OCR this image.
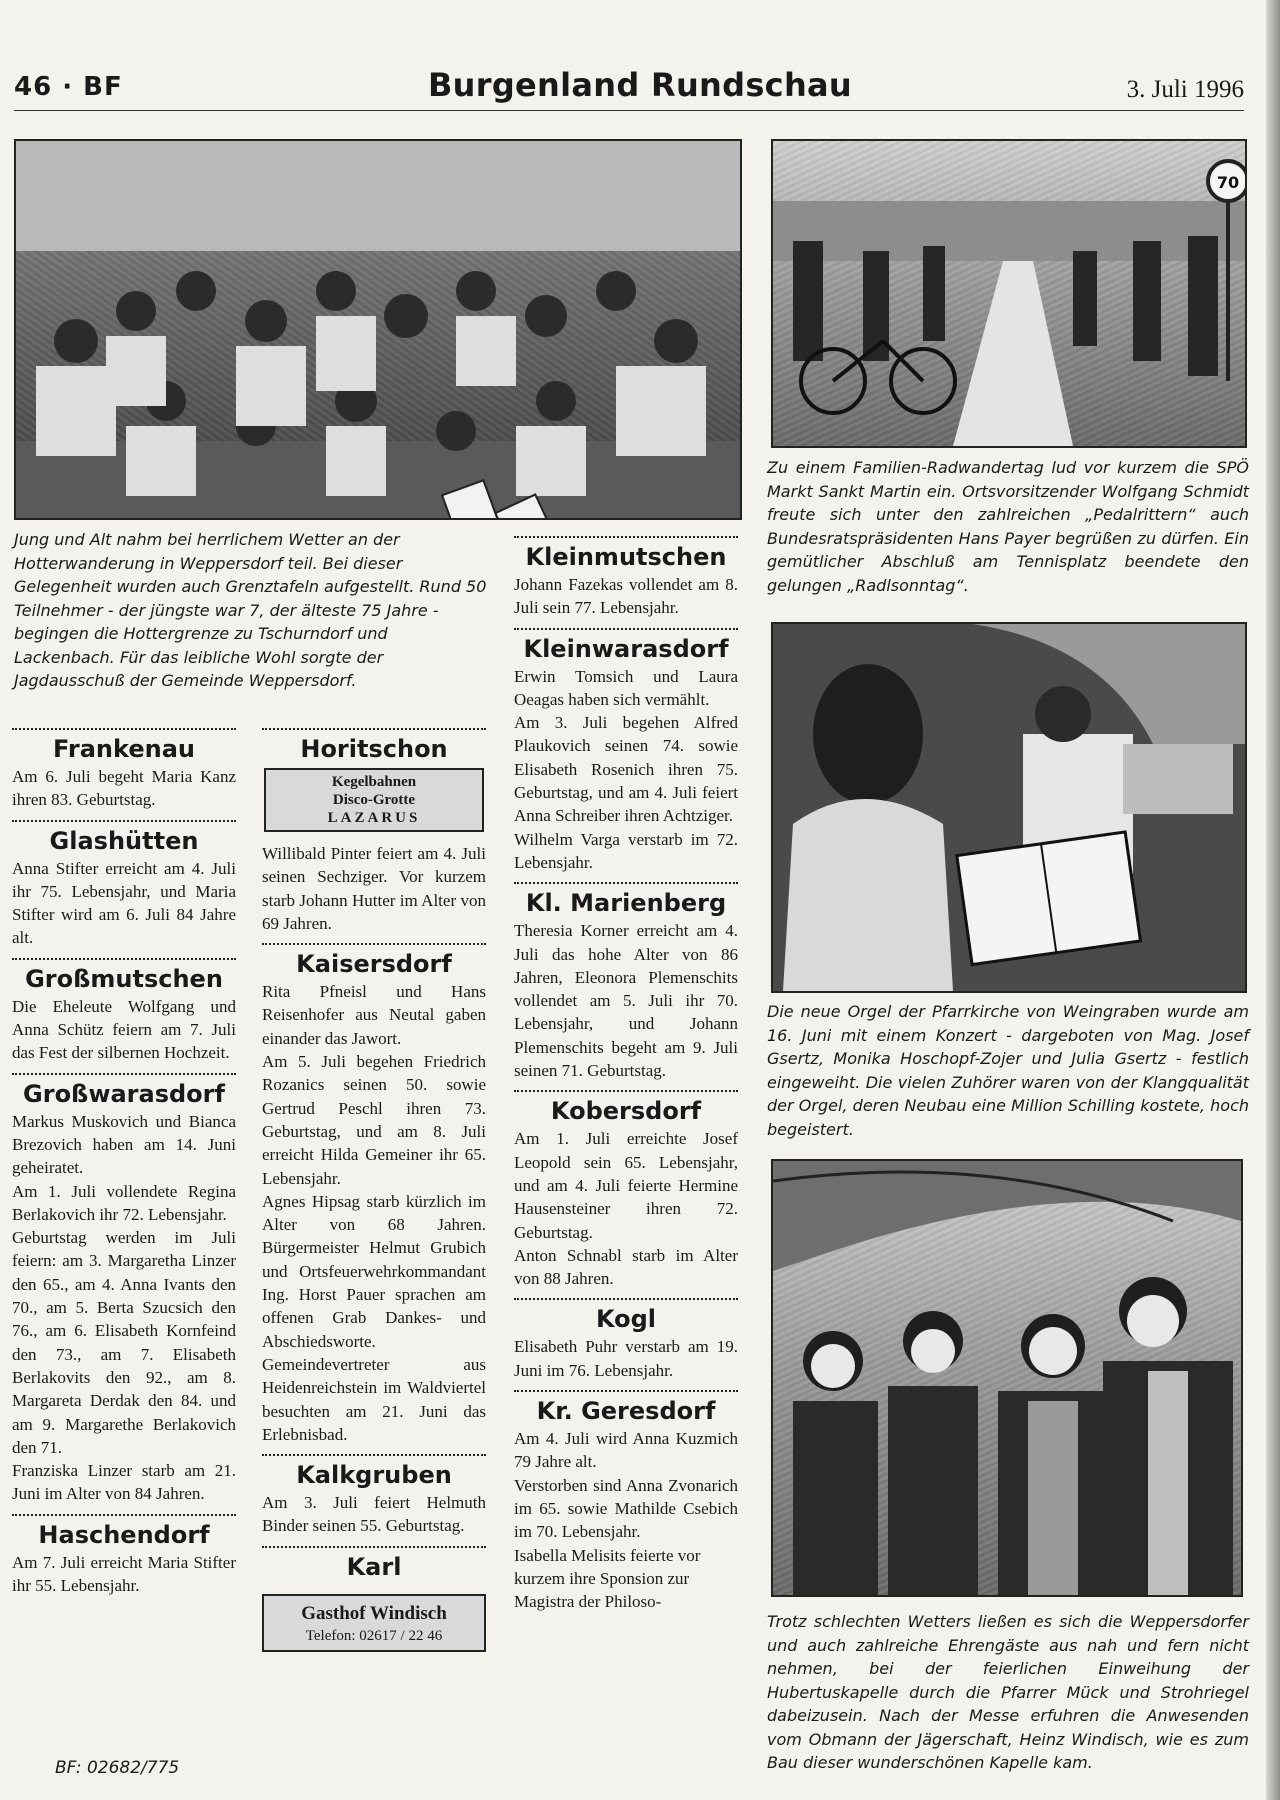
46 · BF	Burgenland Rundschau	3. Juli 1996
70
Zu einem Familien-Radwandertag lud vor kurzem die SPÖ Markt Sankt Martin ein. Ortsvorsitzender Wolfgang Schmidt freute sich unter den zahlreichen „Pedalrittern“ auch Bundesratspräsidenten Hans Payer begrüßen zu dürfen. Ein gemütlicher Abschluß am Tennisplatz beendete den gelungen „Radlsonntag“.
Jung und Alt nahm bei herrlichem Wetter an der Hotterwanderung in Weppersdorf teil. Bei dieser Gelegenheit wurden auch Grenztafeln aufgestellt. Rund 50 Teilnehmer - der jüngste war 7, der älteste 75 Jahre - begingen die Hottergrenze zu Tschurndorf und Lackenbach. Für das leibliche Wohl sorgte der Jagdausschuß der Gemeinde Weppersdorf.
Die neue Orgel der Pfarrkirche von Weingraben wurde am 16. Juni mit einem Konzert - dargeboten von Mag. Josef Gsertz, Monika Hoschopf-Zojer und Julia Gsertz - festlich eingeweiht. Die vielen Zuhörer waren von der Klangqualität der Orgel, deren Neubau eine Million Schilling kostete, hoch begeistert.
Trotz schlechten Wetters ließen es sich die Weppersdorfer und auch zahlreiche Ehrengäste aus nah und fern nicht nehmen, bei der feierlichen Einweihung der Hubertuskapelle durch die Pfarrer Mück und Strohriegel dabeizusein. Nach der Messe erfuhren die Anwesenden vom Obmann der Jägerschaft, Heinz Windisch, wie es zum Bau dieser wunderschönen Kapelle kam.
Frankenau

Am 6. Juli begeht Maria Kanz ihren 83. Geburtstag.

Glashütten

Anna Stifter erreicht am 4. Juli ihr 75. Lebensjahr, und Maria Stifter wird am 6. Juli 84 Jahre alt.

Großmutschen

Die Eheleute Wolfgang und Anna Schütz feiern am 7. Juli das Fest der silbernen Hochzeit.

Großwarasdorf

Markus Muskovich und Bianca Brezovich haben am 14. Juni geheiratet.

Am 1. Juli vollendete Regina Berlakovich ihr 72. Lebensjahr.

Geburtstag werden im Juli feiern: am 3. Margaretha Linzer den 65., am 4. Anna Ivants den 70., am 5. Berta Szucsich den 76., am 6. Elisabeth Kornfeind den 73., am 7. Elisabeth Berlakovits den 92., am 8. Margareta Derdak den 84. und am 9. Margarethe Berlakovich den 71.

Franziska Linzer starb am 21. Juni im Alter von 84 Jahren.

Haschendorf

Am 7. Juli erreicht Maria Stifter ihr 55. Lebensjahr.

Horitschon
Kegelbahnen
Disco-Grotte
LAZARUS

Willibald Pinter feiert am 4. Juli seinen Sechziger. Vor kurzem starb Johann Hutter im Alter von 69 Jahren.

Kaisersdorf

Rita Pfneisl und Hans Reisenhofer aus Neutal gaben einander das Jawort.

Am 5. Juli begehen Friedrich Rozanics seinen 50. sowie Gertrud Peschl ihren 73. Geburtstag, und am 8. Juli erreicht Hilda Gemeiner ihr 65. Lebensjahr.

Agnes Hipsag starb kürzlich im Alter von 68 Jahren. Bürgermeister Helmut Grubich und Ortsfeuerwehrkommandant Ing. Horst Pauer sprachen am offenen Grab Dankes- und Abschiedsworte.

Gemeindevertreter aus Heidenreichstein im Waldviertel besuchten am 21. Juni das Erlebnisbad.

Kalkgruben

Am 3. Juli feiert Helmuth Binder seinen 55. Geburtstag.

Karl
Gasthof Windisch
Telefon: 02617 / 22 46
Kleinmutschen

Johann Fazekas vollendet am 8. Juli sein 77. Lebensjahr.

Kleinwarasdorf

Erwin Tomsich und Laura Oeagas haben sich vermählt.

Am 3. Juli begehen Alfred Plaukovich seinen 74. sowie Elisabeth Rosenich ihren 75. Geburtstag, und am 4. Juli feiert Anna Schreiber ihren Achtziger.

Wilhelm Varga verstarb im 72. Lebensjahr.

Kl. Marienberg

Theresia Korner erreicht am 4. Juli das hohe Alter von 86 Jahren, Eleonora Plemenschits vollendet am 5. Juli ihr 70. Lebensjahr, und Johann Plemenschits begeht am 9. Juli seinen 71. Geburtstag.

Kobersdorf

Am 1. Juli erreichte Josef Leopold sein 65. Lebensjahr, und am 4. Juli feierte Hermine Hausensteiner ihren 72. Geburtstag.

Anton Schnabl starb im Alter von 88 Jahren.

Kogl

Elisabeth Puhr verstarb am 19. Juni im 76. Lebensjahr.

Kr. Geresdorf

Am 4. Juli wird Anna Kuzmich 79 Jahre alt.

Verstorben sind Anna Zvonarich im 65. sowie Mathilde Csebich im 70. Lebensjahr.

Isabella Melisits feierte vor kurzem ihre Sponsion zur Magistra der Philoso-

BF: 02682/775
